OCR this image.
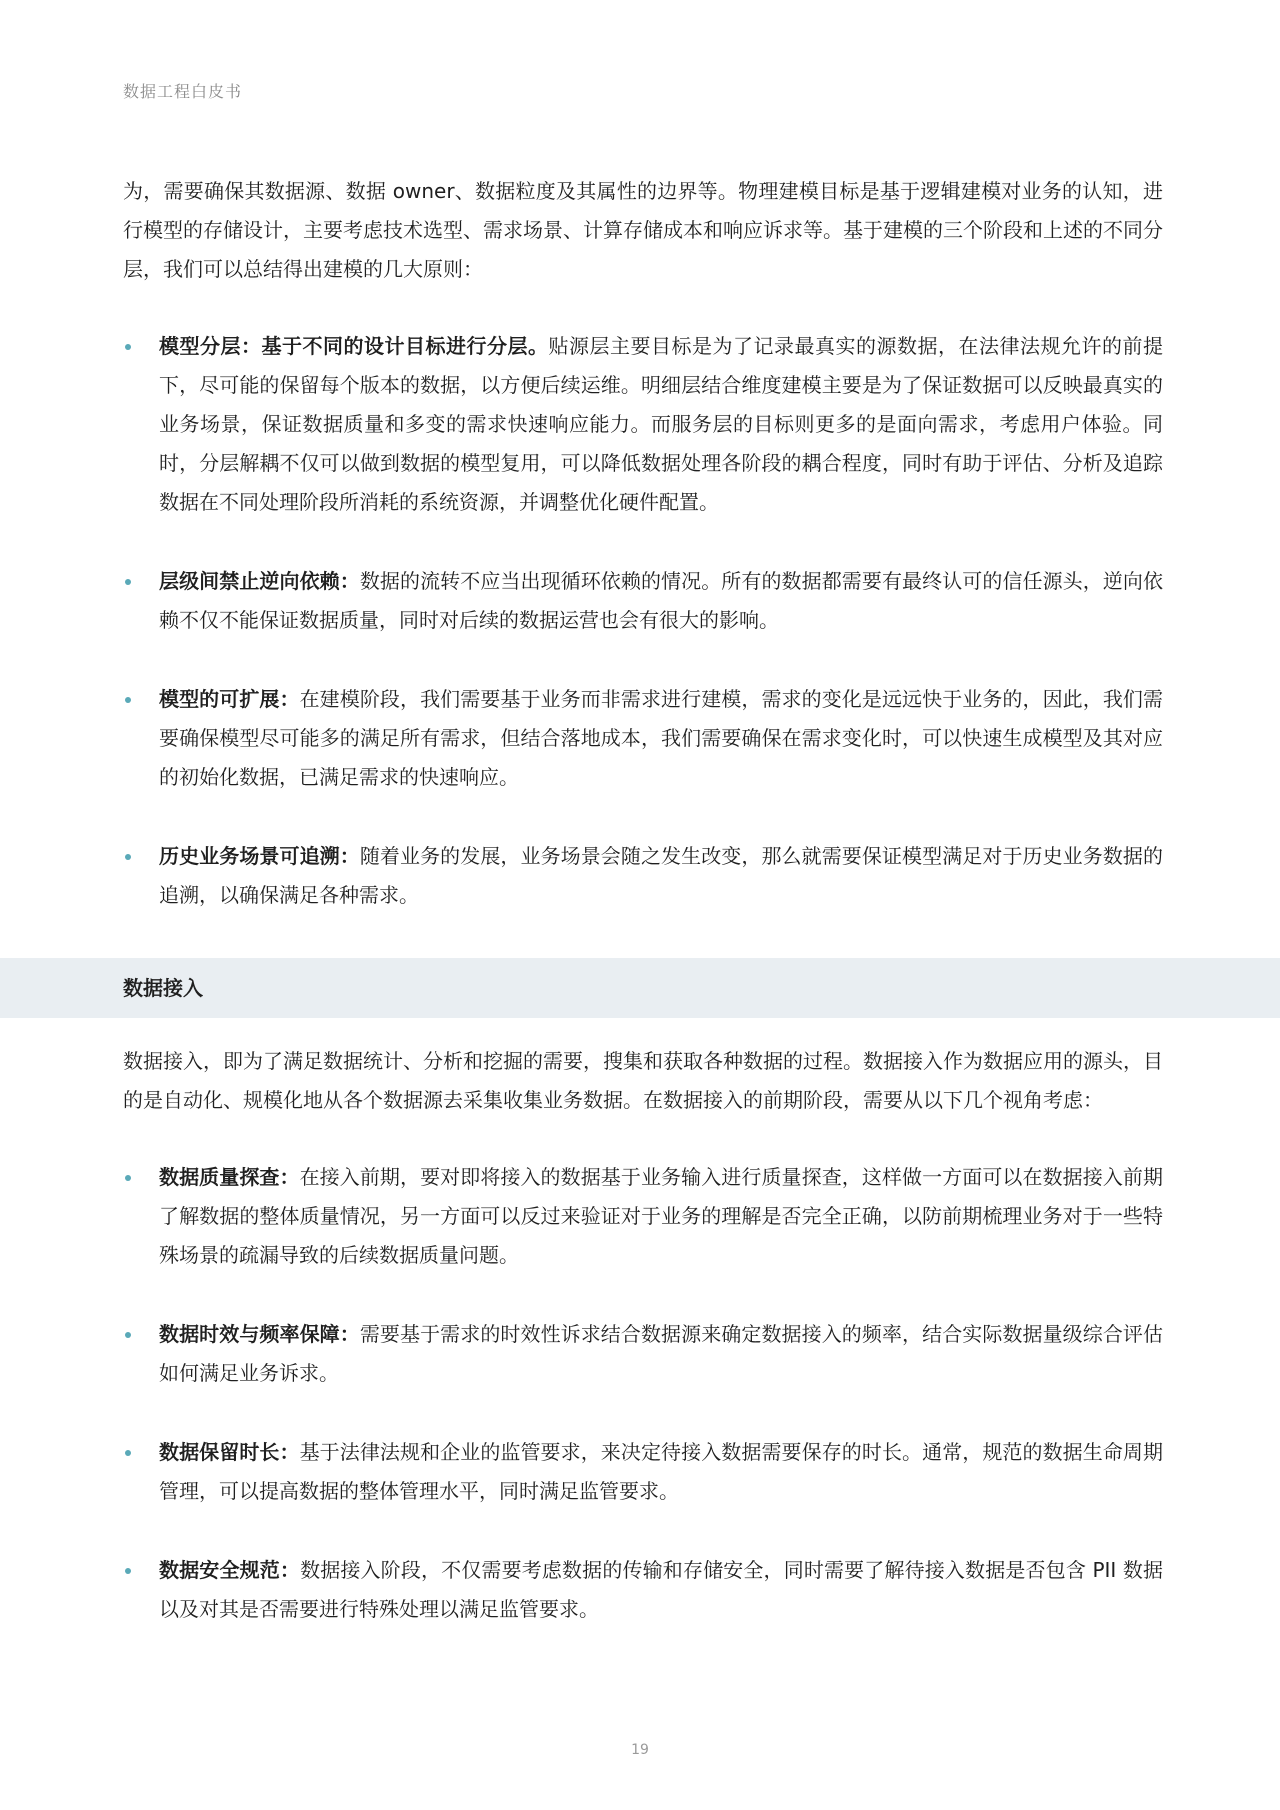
数据工程白皮书

为，需要确保其数据源、数据 owner、数据粒度及其属性的边界等。物理建模目标是基于逻辑建模对业务的认知，进行模型的存储设计，主要考虑技术选型、需求场景、计算存储成本和响应诉求等。基于建模的三个阶段和上述的不同分层，我们可以总结得出建模的几大原则：

模型分层：基于不同的设计目标进行分层。贴源层主要目标是为了记录最真实的源数据，在法律法规允许的前提下，尽可能的保留每个版本的数据，以方便后续运维。明细层结合维度建模主要是为了保证数据可以反映最真实的业务场景，保证数据质量和多变的需求快速响应能力。而服务层的目标则更多的是面向需求，考虑用户体验。同时，分层解耦不仅可以做到数据的模型复用，可以降低数据处理各阶段的耦合程度，同时有助于评估、分析及追踪数据在不同处理阶段所消耗的系统资源，并调整优化硬件配置。
层级间禁止逆向依赖：数据的流转不应当出现循环依赖的情况。所有的数据都需要有最终认可的信任源头，逆向依赖不仅不能保证数据质量，同时对后续的数据运营也会有很大的影响。
模型的可扩展：在建模阶段，我们需要基于业务而非需求进行建模，需求的变化是远远快于业务的，因此，我们需要确保模型尽可能多的满足所有需求，但结合落地成本，我们需要确保在需求变化时，可以快速生成模型及其对应的初始化数据，已满足需求的快速响应。
历史业务场景可追溯：随着业务的发展，业务场景会随之发生改变，那么就需要保证模型满足对于历史业务数据的追溯，以确保满足各种需求。
数据接入

数据接入，即为了满足数据统计、分析和挖掘的需要，搜集和获取各种数据的过程。数据接入作为数据应用的源头，目的是自动化、规模化地从各个数据源去采集收集业务数据。在数据接入的前期阶段，需要从以下几个视角考虑：

数据质量探查：在接入前期，要对即将接入的数据基于业务输入进行质量探查，这样做一方面可以在数据接入前期了解数据的整体质量情况，另一方面可以反过来验证对于业务的理解是否完全正确，以防前期梳理业务对于一些特殊场景的疏漏导致的后续数据质量问题。
数据时效与频率保障：需要基于需求的时效性诉求结合数据源来确定数据接入的频率，结合实际数据量级综合评估如何满足业务诉求。
数据保留时长：基于法律法规和企业的监管要求，来决定待接入数据需要保存的时长。通常，规范的数据生命周期管理，可以提高数据的整体管理水平，同时满足监管要求。
数据安全规范：数据接入阶段，不仅需要考虑数据的传输和存储安全，同时需要了解待接入数据是否包含 PII 数据以及对其是否需要进行特殊处理以满足监管要求。
19
